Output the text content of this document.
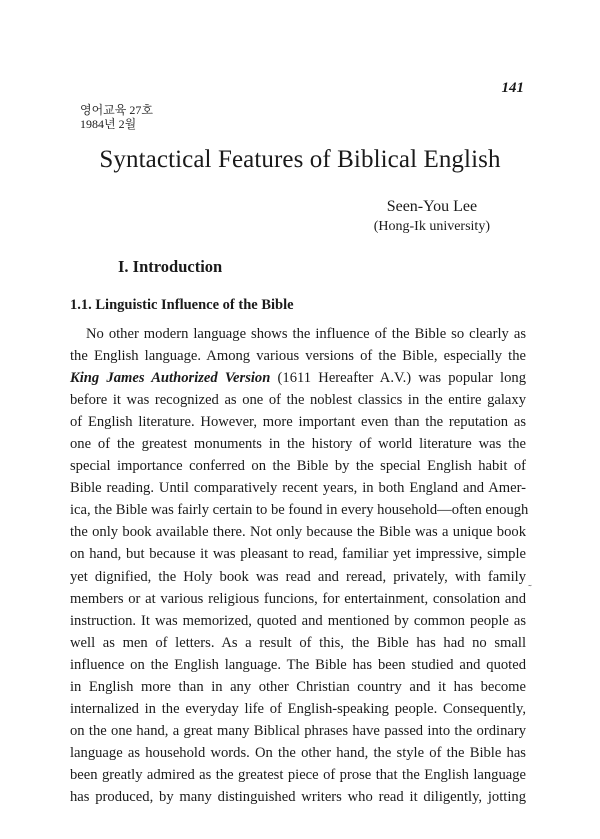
141
영어교육 27호
1984년 2월
Syntactical Features of Biblical English
Seen-You Lee
(Hong-Ik university)
I. Introduction
1.1. Linguistic Influence of the Bible
No other modern language shows the influence of the Bible so clearly as
the English language. Among various versions of the Bible, especially the
King James Authorized Version (1611 Hereafter A.V.) was popular long
before it was recognized as one of the noblest classics in the entire galaxy
of English literature. However, more important even than the reputation as
one of the greatest monuments in the history of world literature was the
special importance conferred on the Bible by the special English habit of
Bible reading. Until comparatively recent years, in both England and Amer-
ica, the Bible was fairly certain to be found in every household—often enough
the only book available there. Not only because the Bible was a unique book
on hand, but because it was pleasant to read, familiar yet impressive, simple
yet dignified, the Holy book was read and reread, privately, with family
members or at various religious funcions, for entertainment, consolation and
instruction. It was memorized, quoted and mentioned by common people as
well as men of letters. As a result of this, the Bible has had no small
influence on the English language. The Bible has been studied and quoted
in English more than in any other Christian country and it has become
internalized in the everyday life of English-speaking people. Consequently,
on the one hand, a great many Biblical phrases have passed into the ordinary
language as household words. On the other hand, the style of the Bible has
been greatly admired as the greatest piece of prose that the English language
has produced, by many distinguished writers who read it diligently, jotting
˜
